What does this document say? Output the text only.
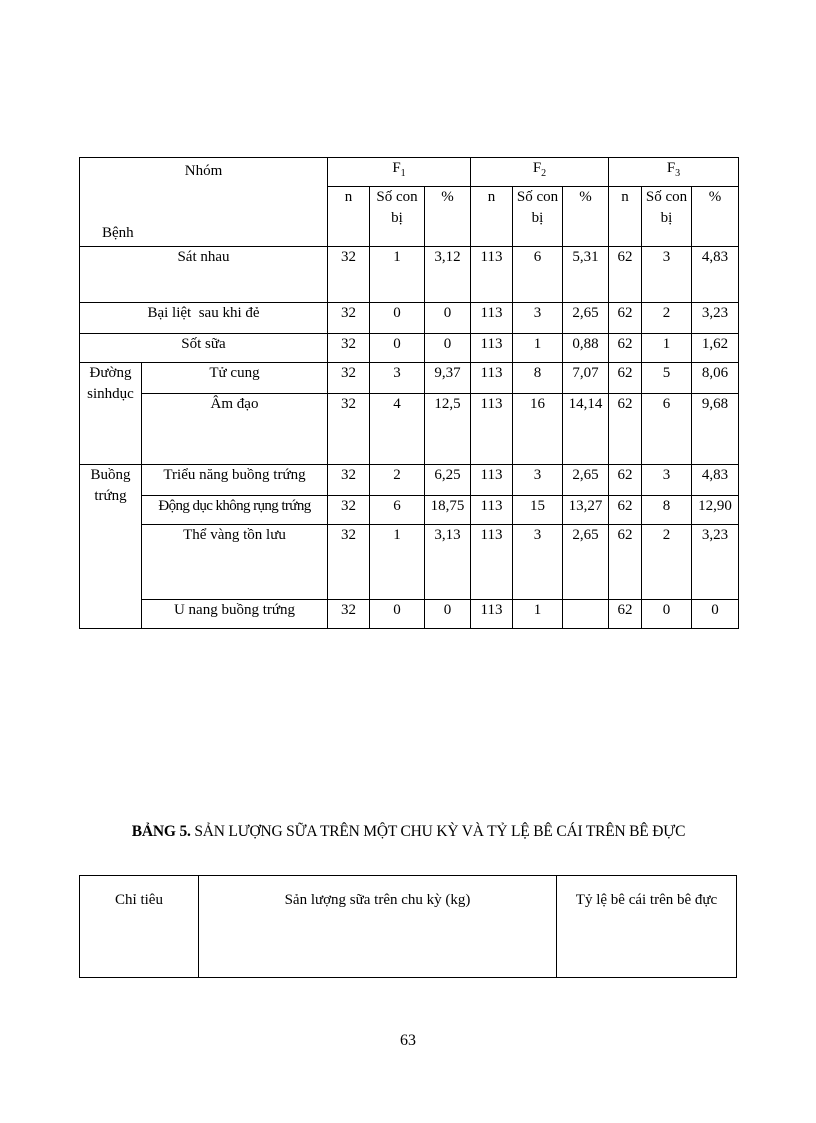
Nhóm
Bệnh		$F_1$			$F_2$			$F_3$
		n	Số con bị	%	n	Số con bị	%	n	Số con bị	%
Sát nhau		32	1	3,12	113	6	5,31	62	3	4,83
Bại liệt  sau khi đẻ		32	0	0	113	3	2,65	62	2	3,23
Sốt sữa		32	0	0	113	1	0,88	62	1	1,62
Đường sinhdục	Tử cung	32	3	9,37	113	8	7,07	62	5	8,06
	Âm đạo	32	4	12,5	113	16	14,14	62	6	9,68
Buồng trứng	Triểu năng buồng trứng	32	2	6,25	113	3	2,65	62	3	4,83
	Động dục không rụng trứng	32	6	18,75	113	15	13,27	62	8	12,90
	Thể vàng tồn lưu	32	1	3,13	113	3	2,65	62	2	3,23
	U nang buồng trứng	32	0	0	113	1		62	0	0
BẢNG 5. SẢN LƯỢNG SỮA TRÊN MỘT CHU KỲ VÀ TỶ LỆ BÊ CÁI TRÊN BÊ ĐỰC
Chỉ tiêu	Sản lượng sữa trên chu kỳ (kg)	Tỷ lệ bê cái trên bê đực
63
